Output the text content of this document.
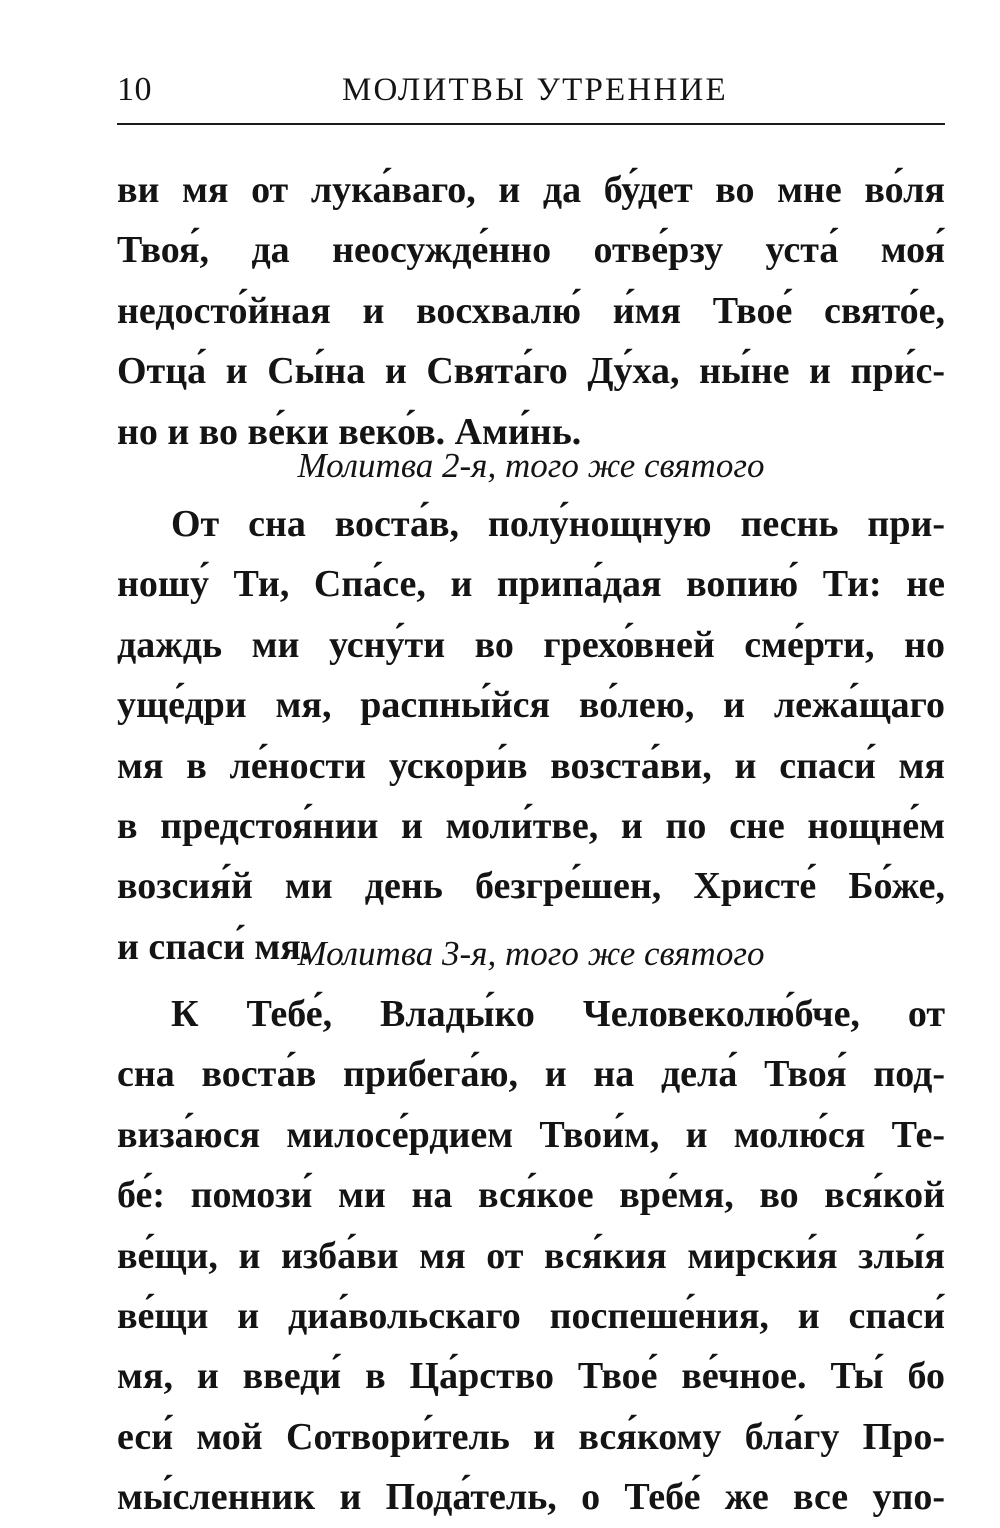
10	МОЛИТВЫ УТРЕННИЕ
ви мя от лука́ваго, и да бу́дет во мне во́ля
Твоя́, да неосужде́нно отве́рзу уста́ моя́
недосто́йная и восхвалю́ и́мя Твое́ свято́е,
Отца́ и Сы́на и Свята́го Ду́ха, ны́не и при́с-
но и во ве́ки веко́в. Ами́нь.
Молитва 2-я, того же святого
От сна воста́в, полу́нощную песнь при-
ношу́ Ти, Спа́се, и припа́дая вопию́ Ти: не
даждь ми усну́ти во грехо́вней сме́рти, но
уще́дри мя, распны́йся во́лею, и лежа́щаго
мя в ле́ности ускори́в возста́ви, и спаси́ мя
в предстоя́нии и моли́тве, и по сне нощне́м
возсия́й ми день безгре́шен, Христе́ Бо́же,
и спаси́ мя.
Молитва 3-я, того же святого
К Тебе́, Влады́ко Человеколю́бче, от
сна воста́в прибега́ю, и на дела́ Твоя́ под-
виза́юся милосе́рдием Твои́м, и молю́ся Те-
бе́: помози́ ми на вся́кое вре́мя, во вся́кой
ве́щи, и изба́ви мя от вся́кия мирски́я злы́я
ве́щи и диа́вольскаго поспеше́ния, и спаси́
мя, и введи́ в Ца́рство Твое́ ве́чное. Ты́ бо
еси́ мой Сотвори́тель и вся́кому бла́гу Про-
мы́сленник и Пода́тель, о Тебе́ же все упо-
